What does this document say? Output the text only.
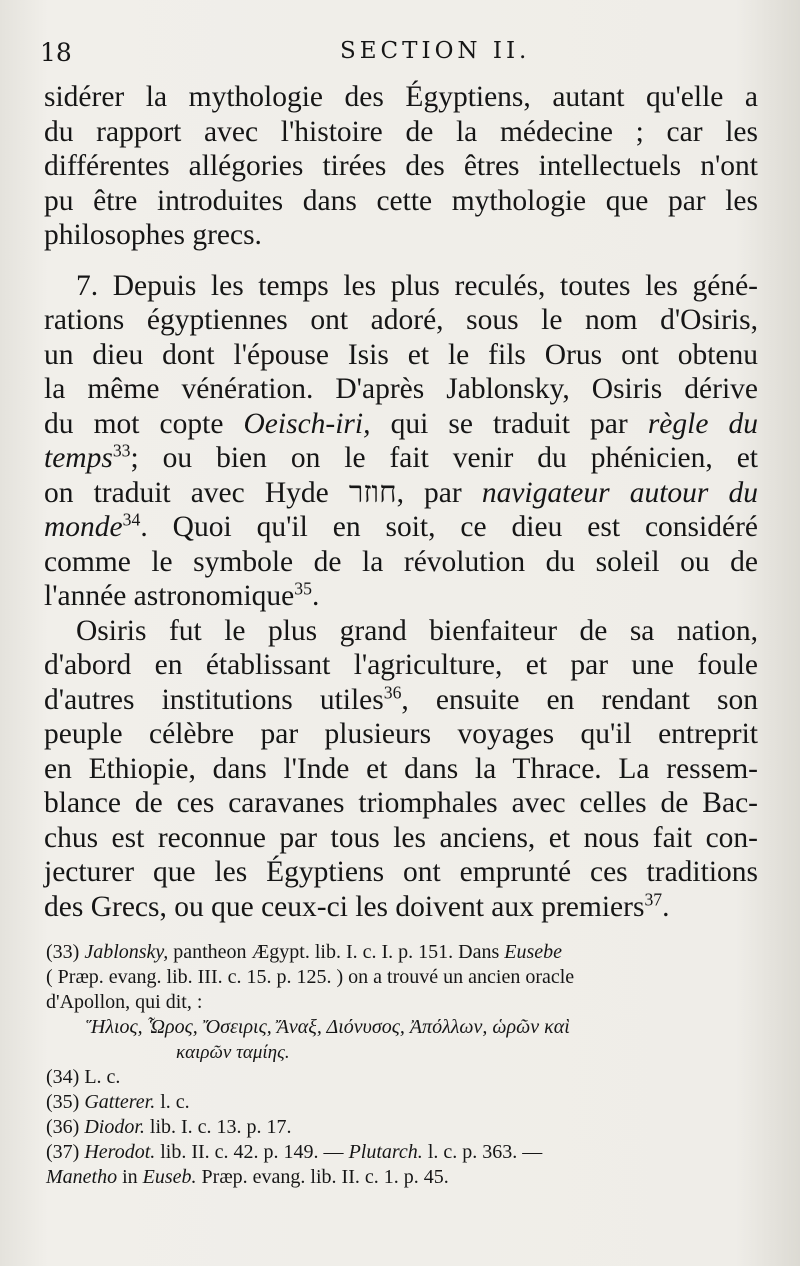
18	SECTION II.
sidérer la mythologie des Égyptiens, autant qu'elle a
du rapport avec l'histoire de la médecine ; car les
différentes allégories tirées des êtres intellectuels n'ont
pu être introduites dans cette mythologie que par les
philosophes grecs.
7. Depuis les temps les plus reculés, toutes les géné-
rations égyptiennes ont adoré, sous le nom d'Osiris,
un dieu dont l'épouse Isis et le fils Orus ont obtenu
la même vénération. D'après Jablonsky, Osiris dérive
du mot copte Oeisch-iri, qui se traduit par règle du
temps$^{33}$; ou bien on le fait venir du phénicien, et
on traduit avec Hyde חוזר, par navigateur autour du
monde$^{34}$. Quoi qu'il en soit, ce dieu est considéré
comme le symbole de la révolution du soleil ou de
l'année astronomique$^{35}$.
Osiris fut le plus grand bienfaiteur de sa nation,
d'abord en établissant l'agriculture, et par une foule
d'autres institutions utiles$^{36}$, ensuite en rendant son
peuple célèbre par plusieurs voyages qu'il entreprit
en Ethiopie, dans l'Inde et dans la Thrace. La ressem-
blance de ces caravanes triomphales avec celles de Bac-
chus est reconnue par tous les anciens, et nous fait con-
jecturer que les Égyptiens ont emprunté ces traditions
des Grecs, ou que ceux-ci les doivent aux premiers$^{37}$.
(33) Jablonsky, pantheon Ægypt. lib. I. c. I. p. 151. Dans Eusebe
( Præp. evang. lib. III. c. 15. p. 125. ) on a trouvé un ancien oracle
d'Apollon, qui dit, :
Ἥλιος, Ὧρος, Ὄσειρις, Ἄναξ, Διόνυσος, Ἀπόλλων, ὡρῶν καὶ
καιρῶν ταμίης.
(34) L. c.
(35) Gatterer. l. c.
(36) Diodor. lib. I. c. 13. p. 17.
(37) Herodot. lib. II. c. 42. p. 149. — Plutarch. l. c. p. 363. —
Manetho in Euseb. Præp. evang. lib. II. c. 1. p. 45.
